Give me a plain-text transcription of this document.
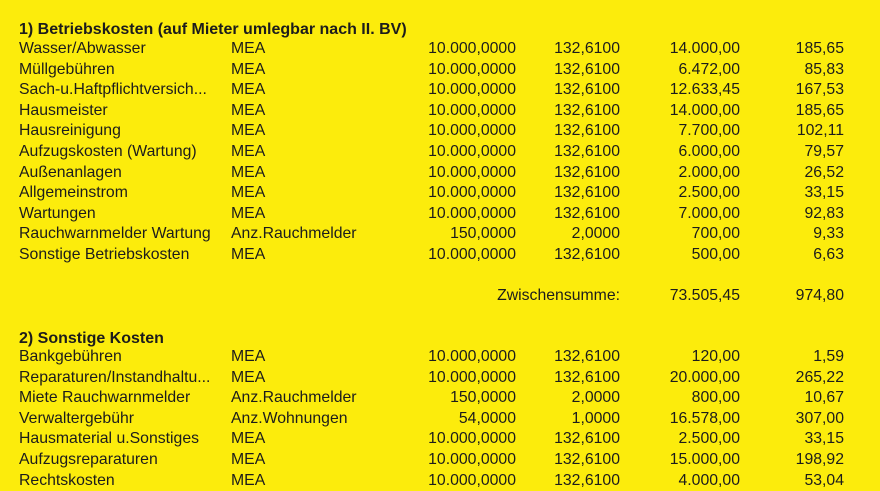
1) Betriebskosten (auf Mieter umlegbar nach II. BV)
Wasser/Abwasser	MEA	10.000,0000 132,6100	14.000,00	185,65
Müllgebühren	MEA	10.000,0000 132,6100	6.472,00	85,83
Sach-u.Haftpflichtversich...	MEA	10.000,0000 132,6100	12.633,45	167,53
Hausmeister	MEA	10.000,0000 132,6100	14.000,00	185,65
Hausreinigung	MEA	10.000,0000 132,6100	7.700,00	102,11
Aufzugskosten (Wartung)	MEA	10.000,0000 132,6100	6.000,00	79,57
Außenanlagen	MEA	10.000,0000 132,6100	2.000,00	26,52
Allgemeinstrom	MEA	10.000,0000 132,6100	2.500,00	33,15
Wartungen	MEA	10.000,0000 132,6100	7.000,00	92,83
Rauchwarnmelder Wartung	Anz.Rauchmelder	150,0000	2,0000	700,00	9,33
Sonstige Betriebskosten	MEA	10.000,0000 132,6100	500,00	6,63
Zwischensumme:	73.505,45	974,80
2) Sonstige Kosten
Bankgebühren	MEA	10.000,0000 132,6100	120,00	1,59
Reparaturen/Instandhaltu...	MEA	10.000,0000 132,6100	20.000,00	265,22
Miete Rauchwarnmelder	Anz.Rauchmelder	150,0000	2,0000	800,00	10,67
Verwaltergebühr	Anz.Wohnungen	54,0000	1,0000	16.578,00	307,00
Hausmaterial u.Sonstiges	MEA	10.000,0000 132,6100	2.500,00	33,15
Aufzugsreparaturen	MEA	10.000,0000 132,6100	15.000,00	198,92
Rechtskosten	MEA	10.000,0000 132,6100	4.000,00	53,04
